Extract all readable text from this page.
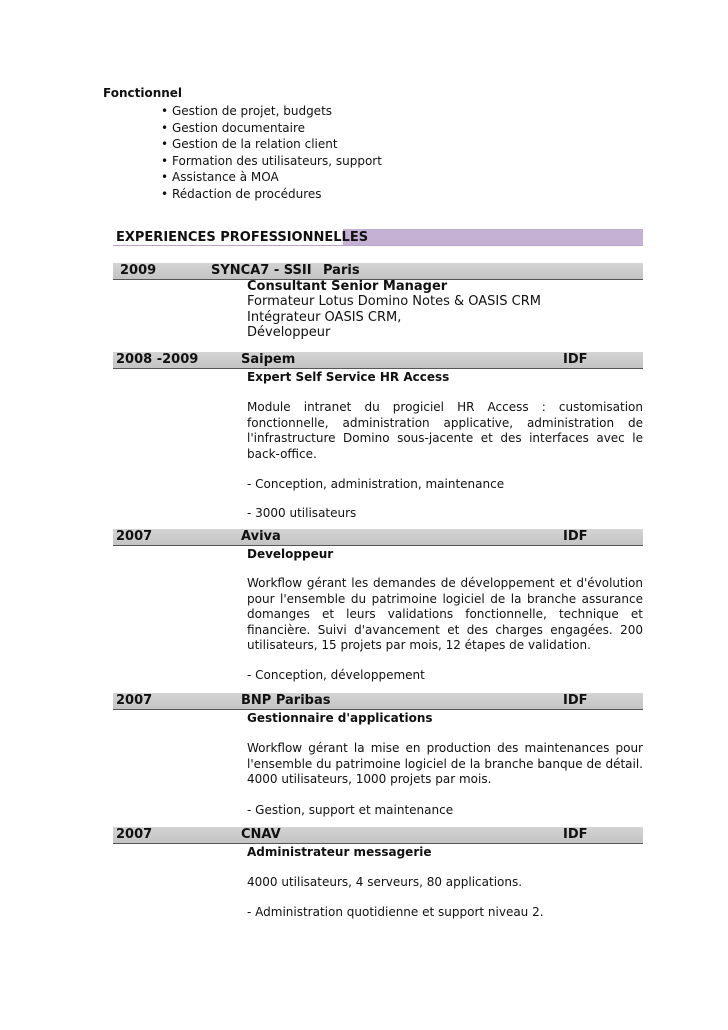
Fonctionnel
• Gestion de projet, budgets
• Gestion documentaire
• Gestion de la relation client
• Formation des utilisateurs, support
• Assistance à MOA
• Rédaction de procédures
EXPERIENCES PROFESSIONNELLES
2009	SYNCA7 - SSII Paris
Consultant Senior Manager
Formateur Lotus Domino Notes & OASIS CRM
Intégrateur OASIS CRM,
Développeur
2008 -2009	Saipem	IDF
Expert Self Service HR Access

Module intranet du progiciel HR Access : customisation fonctionnelle, administration applicative, administration de l'infrastructure Domino sous-jacente et des interfaces avec le back-office.

- Conception, administration, maintenance
- 3000 utilisateurs
2007	Aviva	IDF
Developpeur

Workflow gérant les demandes de développement et d'évolution pour l'ensemble du patrimoine logiciel de la branche assurance domanges et leurs validations fonctionnelle, technique et financière. Suivi d'avancement et des charges engagées. 200 utilisateurs, 15 projets par mois, 12 étapes de validation.

- Conception, développement
2007	BNP Paribas	IDF
Gestionnaire d'applications

Workflow gérant la mise en production des maintenances pour l'ensemble du patrimoine logiciel de la branche banque de détail. 4000 utilisateurs, 1000 projets par mois.

- Gestion, support et maintenance
2007	CNAV	IDF
Administrateur messagerie

4000 utilisateurs, 4 serveurs, 80 applications.

- Administration quotidienne et support niveau 2.
